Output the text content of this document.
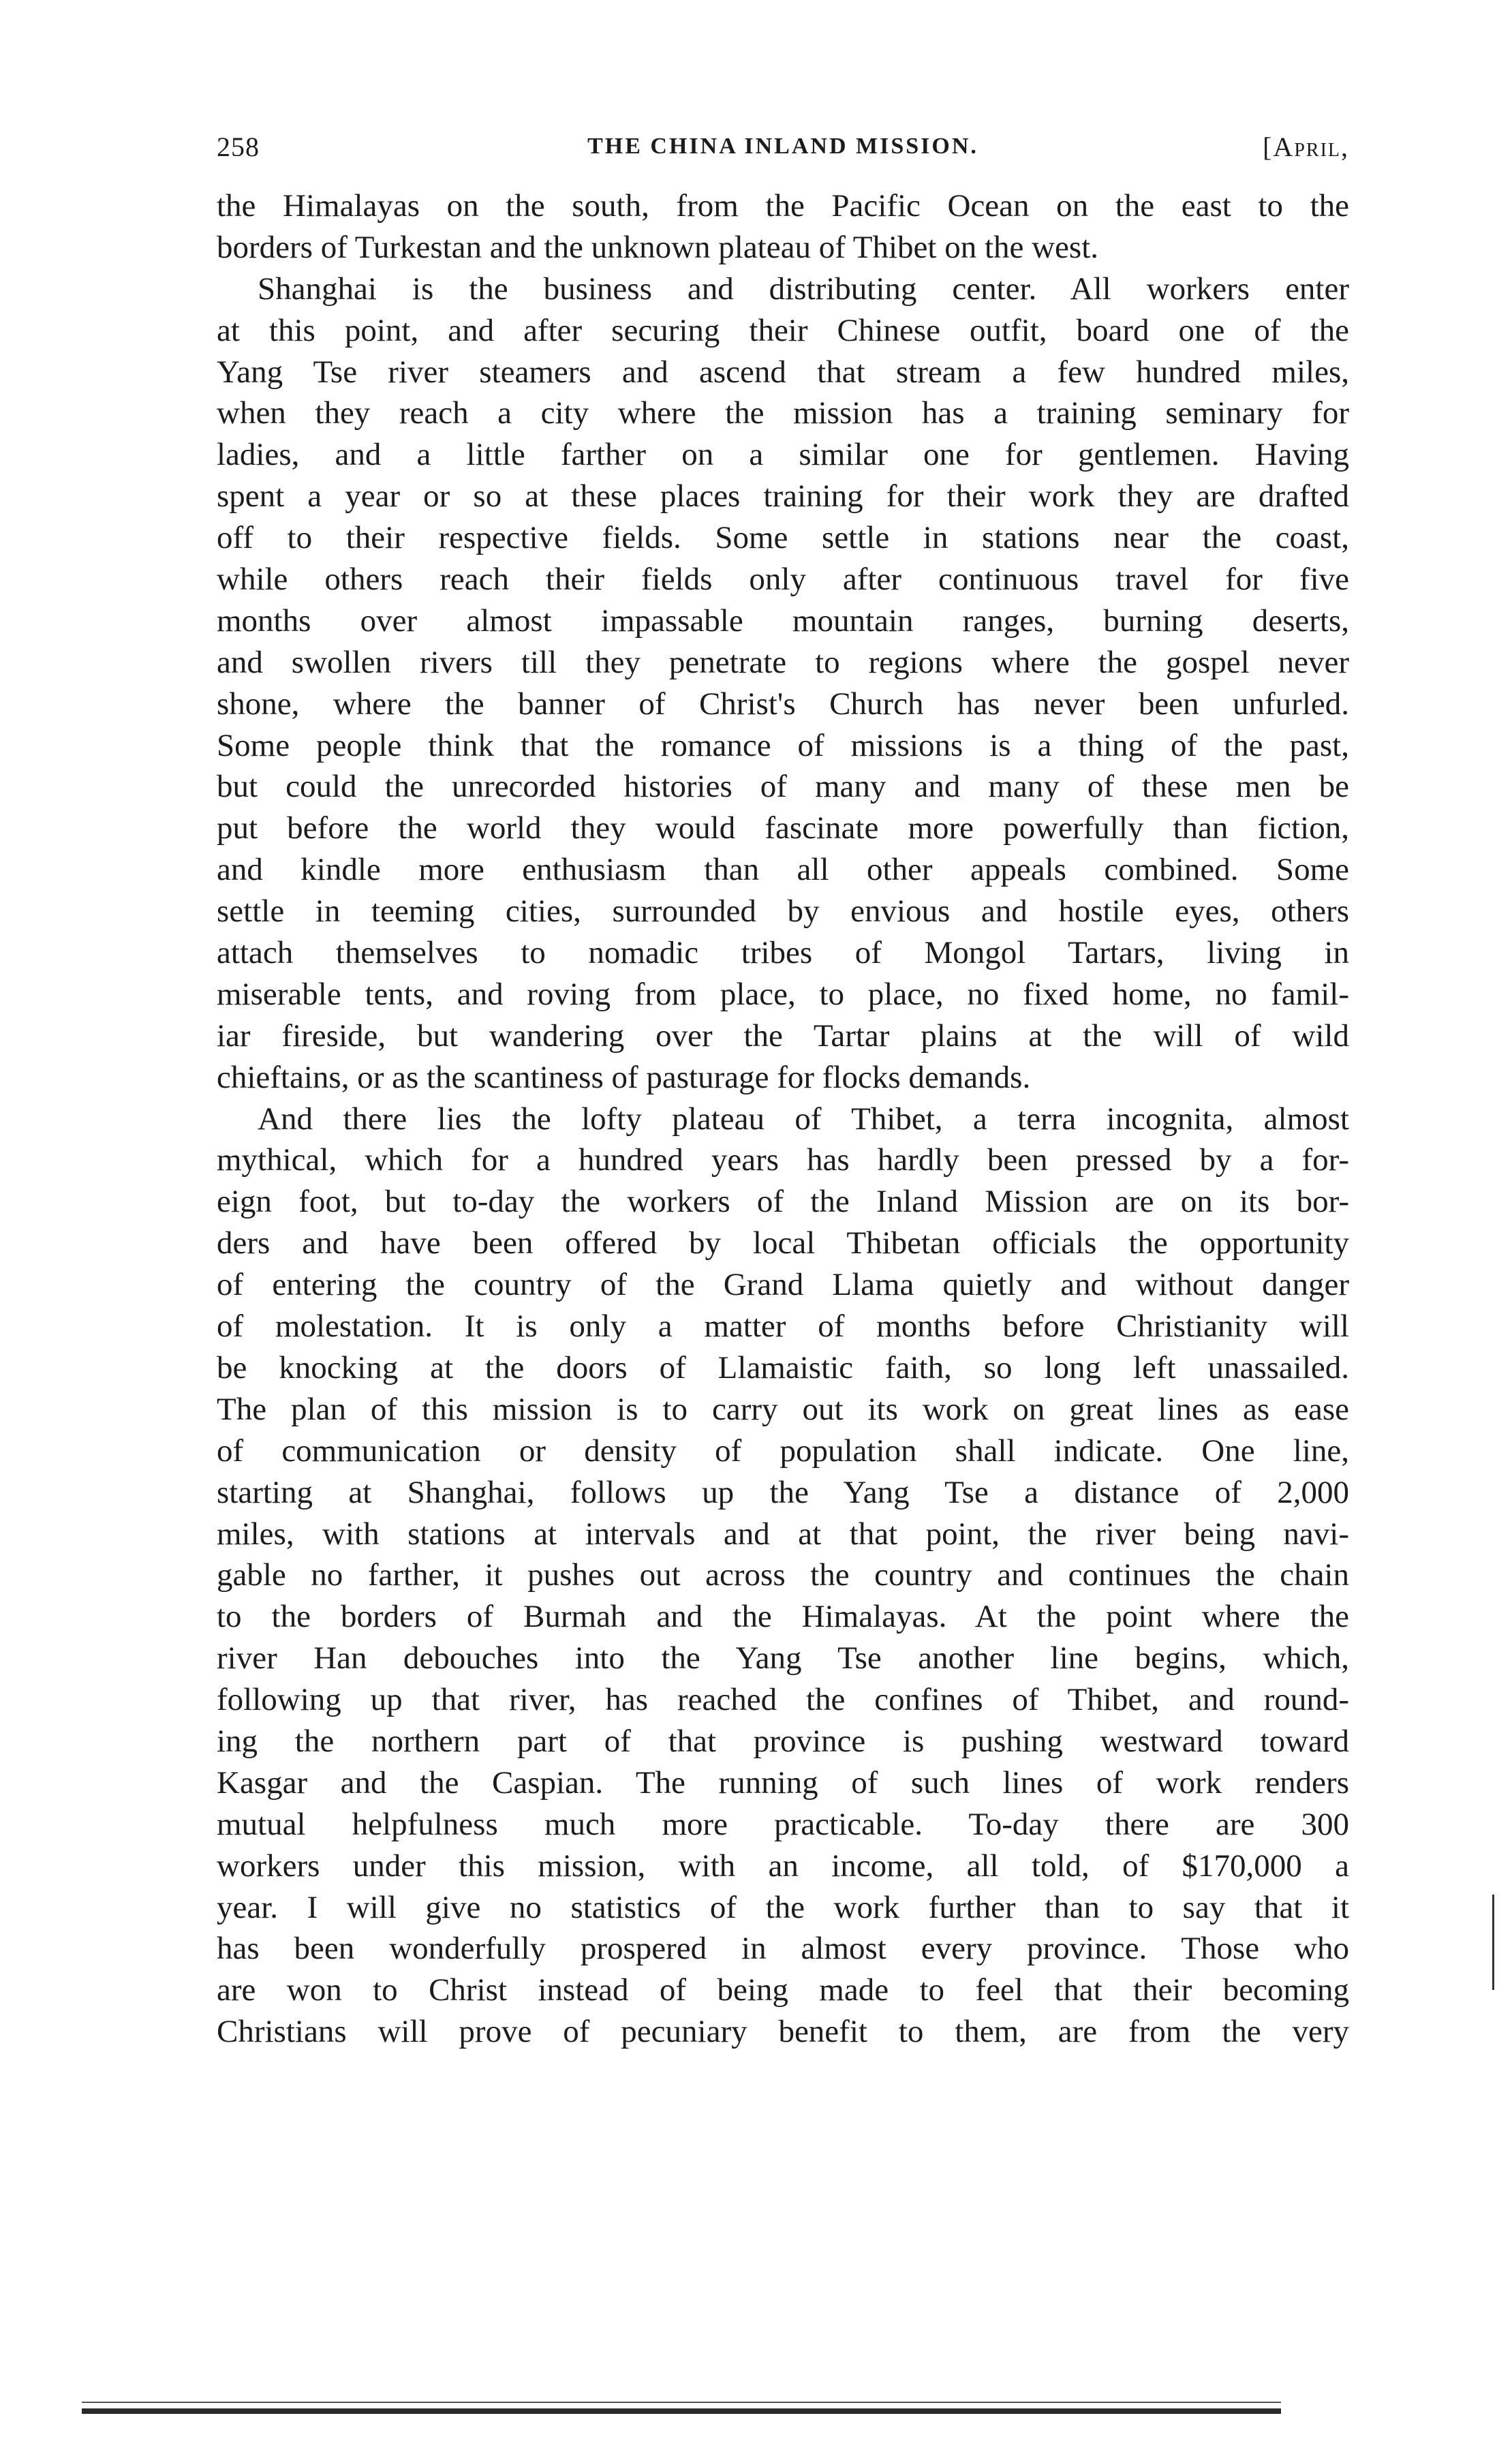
258	THE CHINA INLAND MISSION.	[April,
the Himalayas on the south, from the Pacific Ocean on the east to the
borders of Turkestan and the unknown plateau of Thibet on the west.
Shanghai is the business and distributing center. All workers enter
at this point, and after securing their Chinese outfit, board one of the
Yang Tse river steamers and ascend that stream a few hundred miles,
when they reach a city where the mission has a training seminary for
ladies, and a little farther on a similar one for gentlemen. Having
spent a year or so at these places training for their work they are drafted
off to their respective fields. Some settle in stations near the coast,
while others reach their fields only after continuous travel for five
months over almost impassable mountain ranges, burning deserts,
and swollen rivers till they penetrate to regions where the gospel never
shone, where the banner of Christ's Church has never been unfurled.
Some people think that the romance of missions is a thing of the past,
but could the unrecorded histories of many and many of these men be
put before the world they would fascinate more powerfully than fiction,
and kindle more enthusiasm than all other appeals combined. Some
settle in teeming cities, surrounded by envious and hostile eyes, others
attach themselves to nomadic tribes of Mongol Tartars, living in
miserable tents, and roving from place, to place, no fixed home, no famil-
iar fireside, but wandering over the Tartar plains at the will of wild
chieftains, or as the scantiness of pasturage for flocks demands.
And there lies the lofty plateau of Thibet, a terra incognita, almost
mythical, which for a hundred years has hardly been pressed by a for-
eign foot, but to-day the workers of the Inland Mission are on its bor-
ders and have been offered by local Thibetan officials the opportunity
of entering the country of the Grand Llama quietly and without danger
of molestation. It is only a matter of months before Christianity will
be knocking at the doors of Llamaistic faith, so long left unassailed.
The plan of this mission is to carry out its work on great lines as ease
of communication or density of population shall indicate. One line,
starting at Shanghai, follows up the Yang Tse a distance of 2,000
miles, with stations at intervals and at that point, the river being navi-
gable no farther, it pushes out across the country and continues the chain
to the borders of Burmah and the Himalayas. At the point where the
river Han debouches into the Yang Tse another line begins, which,
following up that river, has reached the confines of Thibet, and round-
ing the northern part of that province is pushing westward toward
Kasgar and the Caspian. The running of such lines of work renders
mutual helpfulness much more practicable. To-day there are 300
workers under this mission, with an income, all told, of $170,000 a
year. I will give no statistics of the work further than to say that it
has been wonderfully prospered in almost every province. Those who
are won to Christ instead of being made to feel that their becoming
Christians will prove of pecuniary benefit to them, are from the very
